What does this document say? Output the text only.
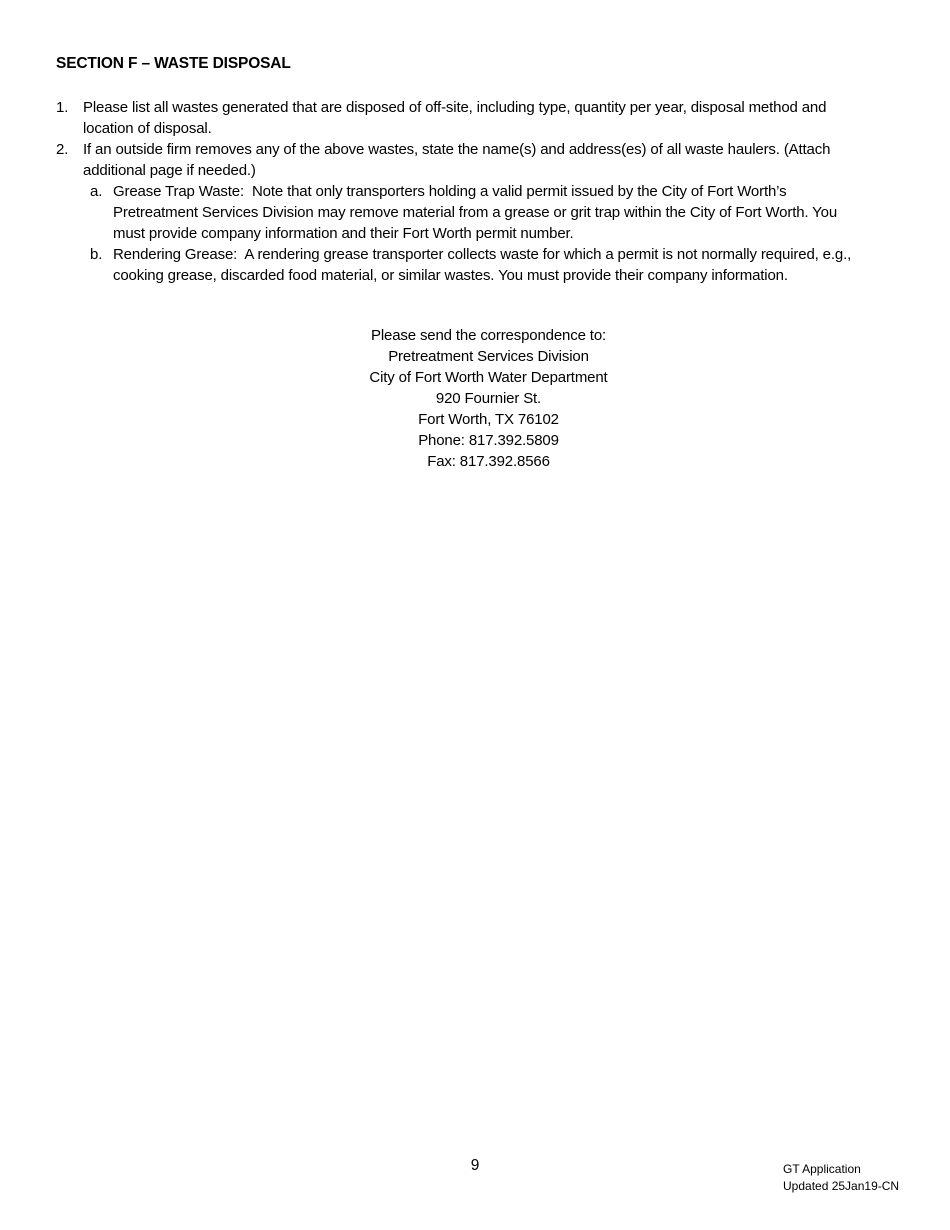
SECTION F – WASTE DISPOSAL
1. Please list all wastes generated that are disposed of off-site, including type, quantity per year, disposal method and
location of disposal.
2. If an outside firm removes any of the above wastes, state the name(s) and address(es) of all waste haulers. (Attach
additional page if needed.)
a. Grease Trap Waste:  Note that only transporters holding a valid permit issued by the City of Fort Worth’s
Pretreatment Services Division may remove material from a grease or grit trap within the City of Fort Worth. You
must provide company information and their Fort Worth permit number.
b. Rendering Grease:  A rendering grease transporter collects waste for which a permit is not normally required, e.g.,
cooking grease, discarded food material, or similar wastes. You must provide their company information.
Please send the correspondence to:
Pretreatment Services Division
City of Fort Worth Water Department
920 Fournier St.
Fort Worth, TX 76102
Phone: 817.392.5809
Fax: 817.392.8566
9	GT Application
Updated 25Jan19-CN
